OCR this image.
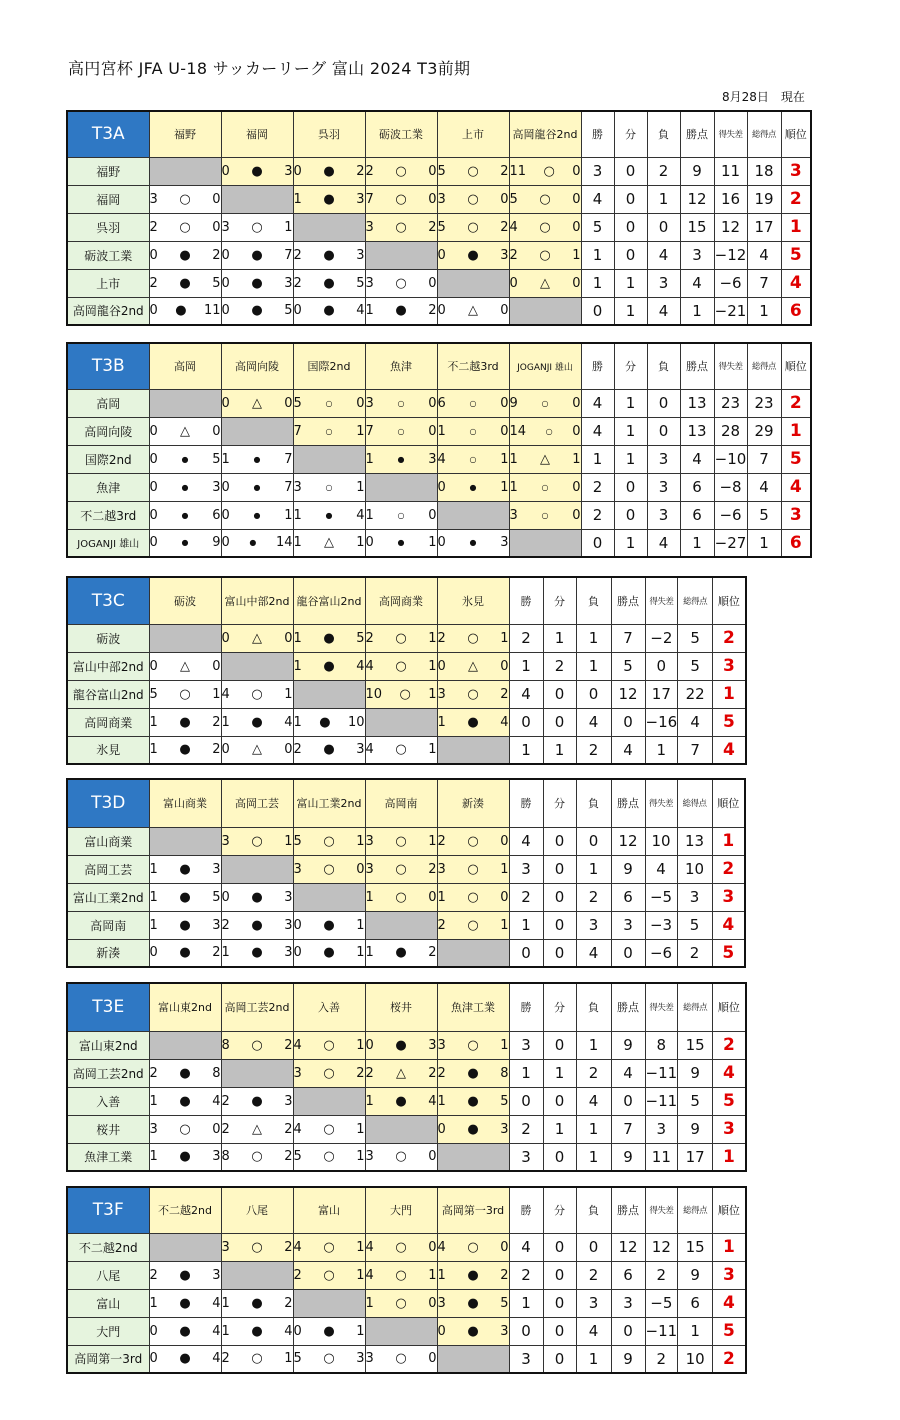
高円宮杯 JFA U-18 サッカーリーグ 富山 2024 T3前期
8月28日　現在
T3A	福野	福岡	呉羽	砺波工業	上市	高岡龍谷2nd	勝	分	負	勝点	得失差	総得点	順位
福野		0 ● 3	0 ● 2	2 ○ 0	5 ○ 2	11 ○ 0	3	0	2	9	11	18	3
福岡	3 ○ 0		1 ● 3	7 ○ 0	3 ○ 0	5 ○ 0	4	0	1	12	16	19	2
呉羽	2 ○ 0	3 ○ 1		3 ○ 2	5 ○ 2	4 ○ 0	5	0	0	15	12	17	1
砺波工業	0 ● 2	0 ● 7	2 ● 3		0 ● 3	2 ○ 1	1	0	4	3	−12	4	5
上市	2 ● 5	0 ● 3	2 ● 5	3 ○ 0		0 △ 0	1	1	3	4	−6	7	4
高岡龍谷2nd	0 ● 11	0 ● 5	0 ● 4	1 ● 2	0 △ 0		0	1	4	1	−21	1	6
T3B	高岡	高岡向陵	国際2nd	魚津	不二越3rd	JOGANJI 雄山	勝	分	負	勝点	得失差	総得点	順位
高岡		0 △ 0	5 ○ 0	3 ○ 0	6 ○ 0	9 ○ 0	4	1	0	13	23	23	2
高岡向陵	0 △ 0		7 ○ 1	7 ○ 0	1 ○ 0	14 ○ 0	4	1	0	13	28	29	1
国際2nd	0 ● 5	1 ● 7		1 ● 3	4 ○ 1	1 △ 1	1	1	3	4	−10	7	5
魚津	0 ● 3	0 ● 7	3 ○ 1		0 ● 1	1 ○ 0	2	0	3	6	−8	4	4
不二越3rd	0 ● 6	0 ● 1	1 ● 4	1 ○ 0		3 ○ 0	2	0	3	6	−6	5	3
JOGANJI 雄山	0 ● 9	0 ● 14	1 △ 1	0 ● 1	0 ● 3		0	1	4	1	−27	1	6
T3C	砺波	富山中部2nd	龍谷富山2nd	高岡商業	氷見	勝	分	負	勝点	得失差	総得点	順位
砺波		0 △ 0	1 ● 5	2 ○ 1	2 ○ 1	2	1	1	7	−2	5	2
富山中部2nd	0 △ 0		1 ● 4	4 ○ 1	0 △ 0	1	2	1	5	0	5	3
龍谷富山2nd	5 ○ 1	4 ○ 1		10 ○ 1	3 ○ 2	4	0	0	12	17	22	1
高岡商業	1 ● 2	1 ● 4	1 ● 10		1 ● 4	0	0	4	0	−16	4	5
氷見	1 ● 2	0 △ 0	2 ● 3	4 ○ 1		1	1	2	4	1	7	4
T3D	富山商業	高岡工芸	富山工業2nd	高岡南	新湊	勝	分	負	勝点	得失差	総得点	順位
富山商業		3 ○ 1	5 ○ 1	3 ○ 1	2 ○ 0	4	0	0	12	10	13	1
高岡工芸	1 ● 3		3 ○ 0	3 ○ 2	3 ○ 1	3	0	1	9	4	10	2
富山工業2nd	1 ● 5	0 ● 3		1 ○ 0	1 ○ 0	2	0	2	6	−5	3	3
高岡南	1 ● 3	2 ● 3	0 ● 1		2 ○ 1	1	0	3	3	−3	5	4
新湊	0 ● 2	1 ● 3	0 ● 1	1 ● 2		0	0	4	0	−6	2	5
T3E	富山東2nd	高岡工芸2nd	入善	桜井	魚津工業	勝	分	負	勝点	得失差	総得点	順位
富山東2nd		8 ○ 2	4 ○ 1	0 ● 3	3 ○ 1	3	0	1	9	8	15	2
高岡工芸2nd	2 ● 8		3 ○ 2	2 △ 2	2 ● 8	1	1	2	4	−11	9	4
入善	1 ● 4	2 ● 3		1 ● 4	1 ● 5	0	0	4	0	−11	5	5
桜井	3 ○ 0	2 △ 2	4 ○ 1		0 ● 3	2	1	1	7	3	9	3
魚津工業	1 ● 3	8 ○ 2	5 ○ 1	3 ○ 0		3	0	1	9	11	17	1
T3F	不二越2nd	八尾	富山	大門	高岡第一3rd	勝	分	負	勝点	得失差	総得点	順位
不二越2nd		3 ○ 2	4 ○ 1	4 ○ 0	4 ○ 0	4	0	0	12	12	15	1
八尾	2 ● 3		2 ○ 1	4 ○ 1	1 ● 2	2	0	2	6	2	9	3
富山	1 ● 4	1 ● 2		1 ○ 0	3 ● 5	1	0	3	3	−5	6	4
大門	0 ● 4	1 ● 4	0 ● 1		0 ● 3	0	0	4	0	−11	1	5
高岡第一3rd	0 ● 4	2 ○ 1	5 ○ 3	3 ○ 0		3	0	1	9	2	10	2
